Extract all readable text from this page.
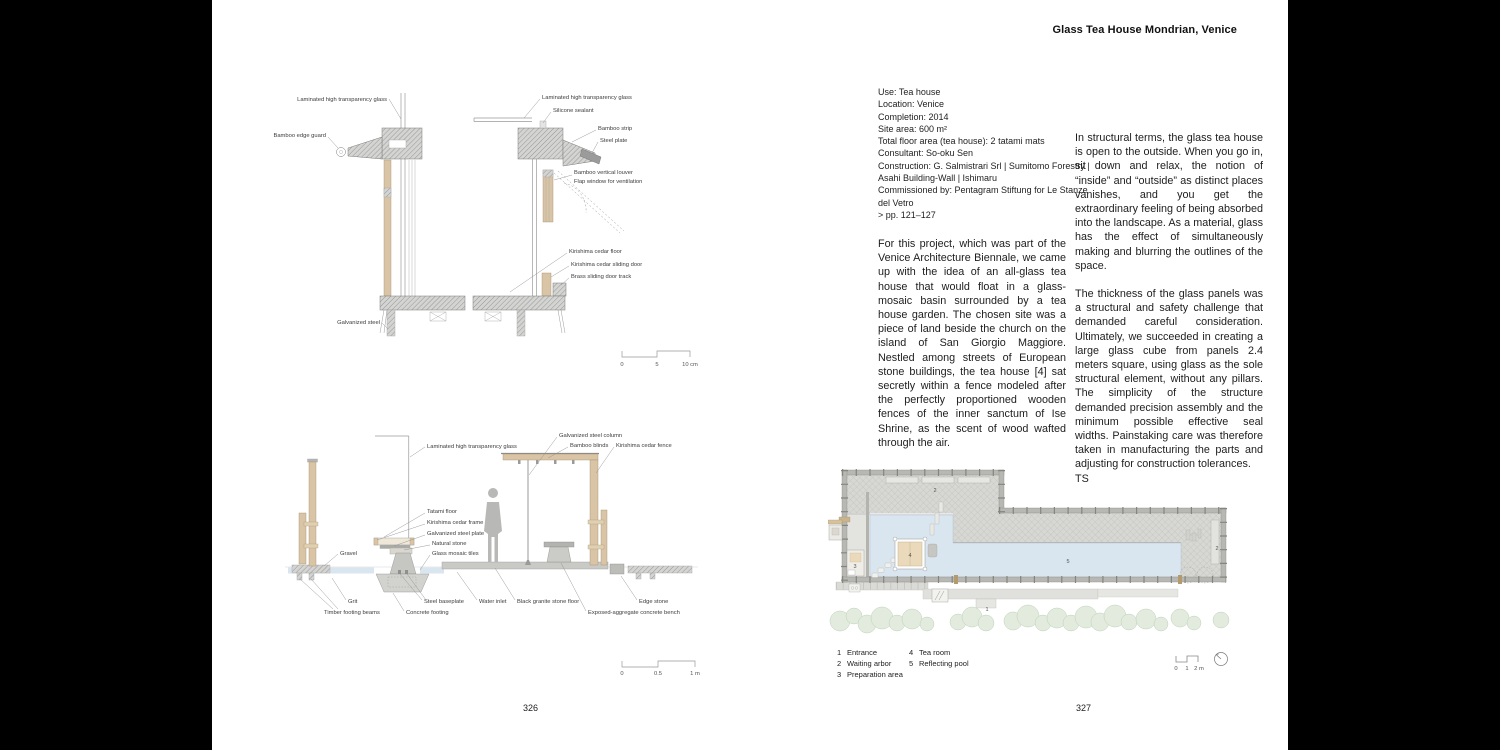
Laminated high transparency glass
Bamboo edge guard
Laminated high transparency glass
Silicone sealant
Bamboo strip
Steel plate
Bamboo vertical louver
Flap window for ventilation
Kirishima cedar floor
Kirishima cedar sliding door
Brass sliding door track
Galvanized steel
0	5	10 cm
Galvanized steel column
Bamboo blinds Kirishima cedar fence
Laminated high transparency glass
Tatami floor
Kirishima cedar frame
Galvanized steel plate
Natural stone
Glass mosaic tiles
Gravel
Grit
Timber footing beams
Steel baseplate
Concrete footing
Water inlet Black granite stone floor	Edge stone
Exposed-aggregate concrete bench
0	0.5	1 m
326
Glass Tea House Mondrian, Venice
Use: Tea house
Location: Venice
Completion: 2014
Site area: 600 m²
Total floor area (tea house): 2 tatami mats
Consultant: So-oku Sen
Construction: G. Salmistrari Srl | Sumitomo Forestry |
Asahi Building-Wall | Ishimaru
Commissioned by: Pentagram Stiftung for Le Stanze
del Vetro
> pp. 121–127

For this project, which was part of the Venice Architecture Biennale, we came up with the idea of an all-glass tea house that would float in a glass-mosaic basin surrounded by a tea house garden. The chosen site was a piece of land beside the church on the island of San Giorgio Maggiore. Nestled among streets of European stone buildings, the tea house [4] sat secretly within a fence modeled after the perfectly proportioned wooden fences of the inner sanctum of Ise Shrine, as the scent of wood wafted through the air.

In structural terms, the glass tea house is open to the outside. When you go in, sit down and relax, the notion of “inside” and “outside” as distinct places vanishes, and you get the extraordinary feeling of being absorbed into the landscape. As a material, glass has the effect of simultaneously making and blurring the outlines of the space.

The thickness of the glass panels was a structural and safety challenge that demanded careful consideration. Ultimately, we succeeded in creating a large glass cube from panels 2.4 meters square, using glass as the sole structural element, without any pillars. The simplicity of the structure demanded precision assembly and the minimum possible effective seal widths. Painstaking care was therefore taken in manufacturing the parts and adjusting for construction tolerances.

TS
1
2
2
3
4
5
1 Entrance
2 Waiting arbor
3 Preparation area
4 Tea room
5 Reflecting pool
0 1 2 m
327
